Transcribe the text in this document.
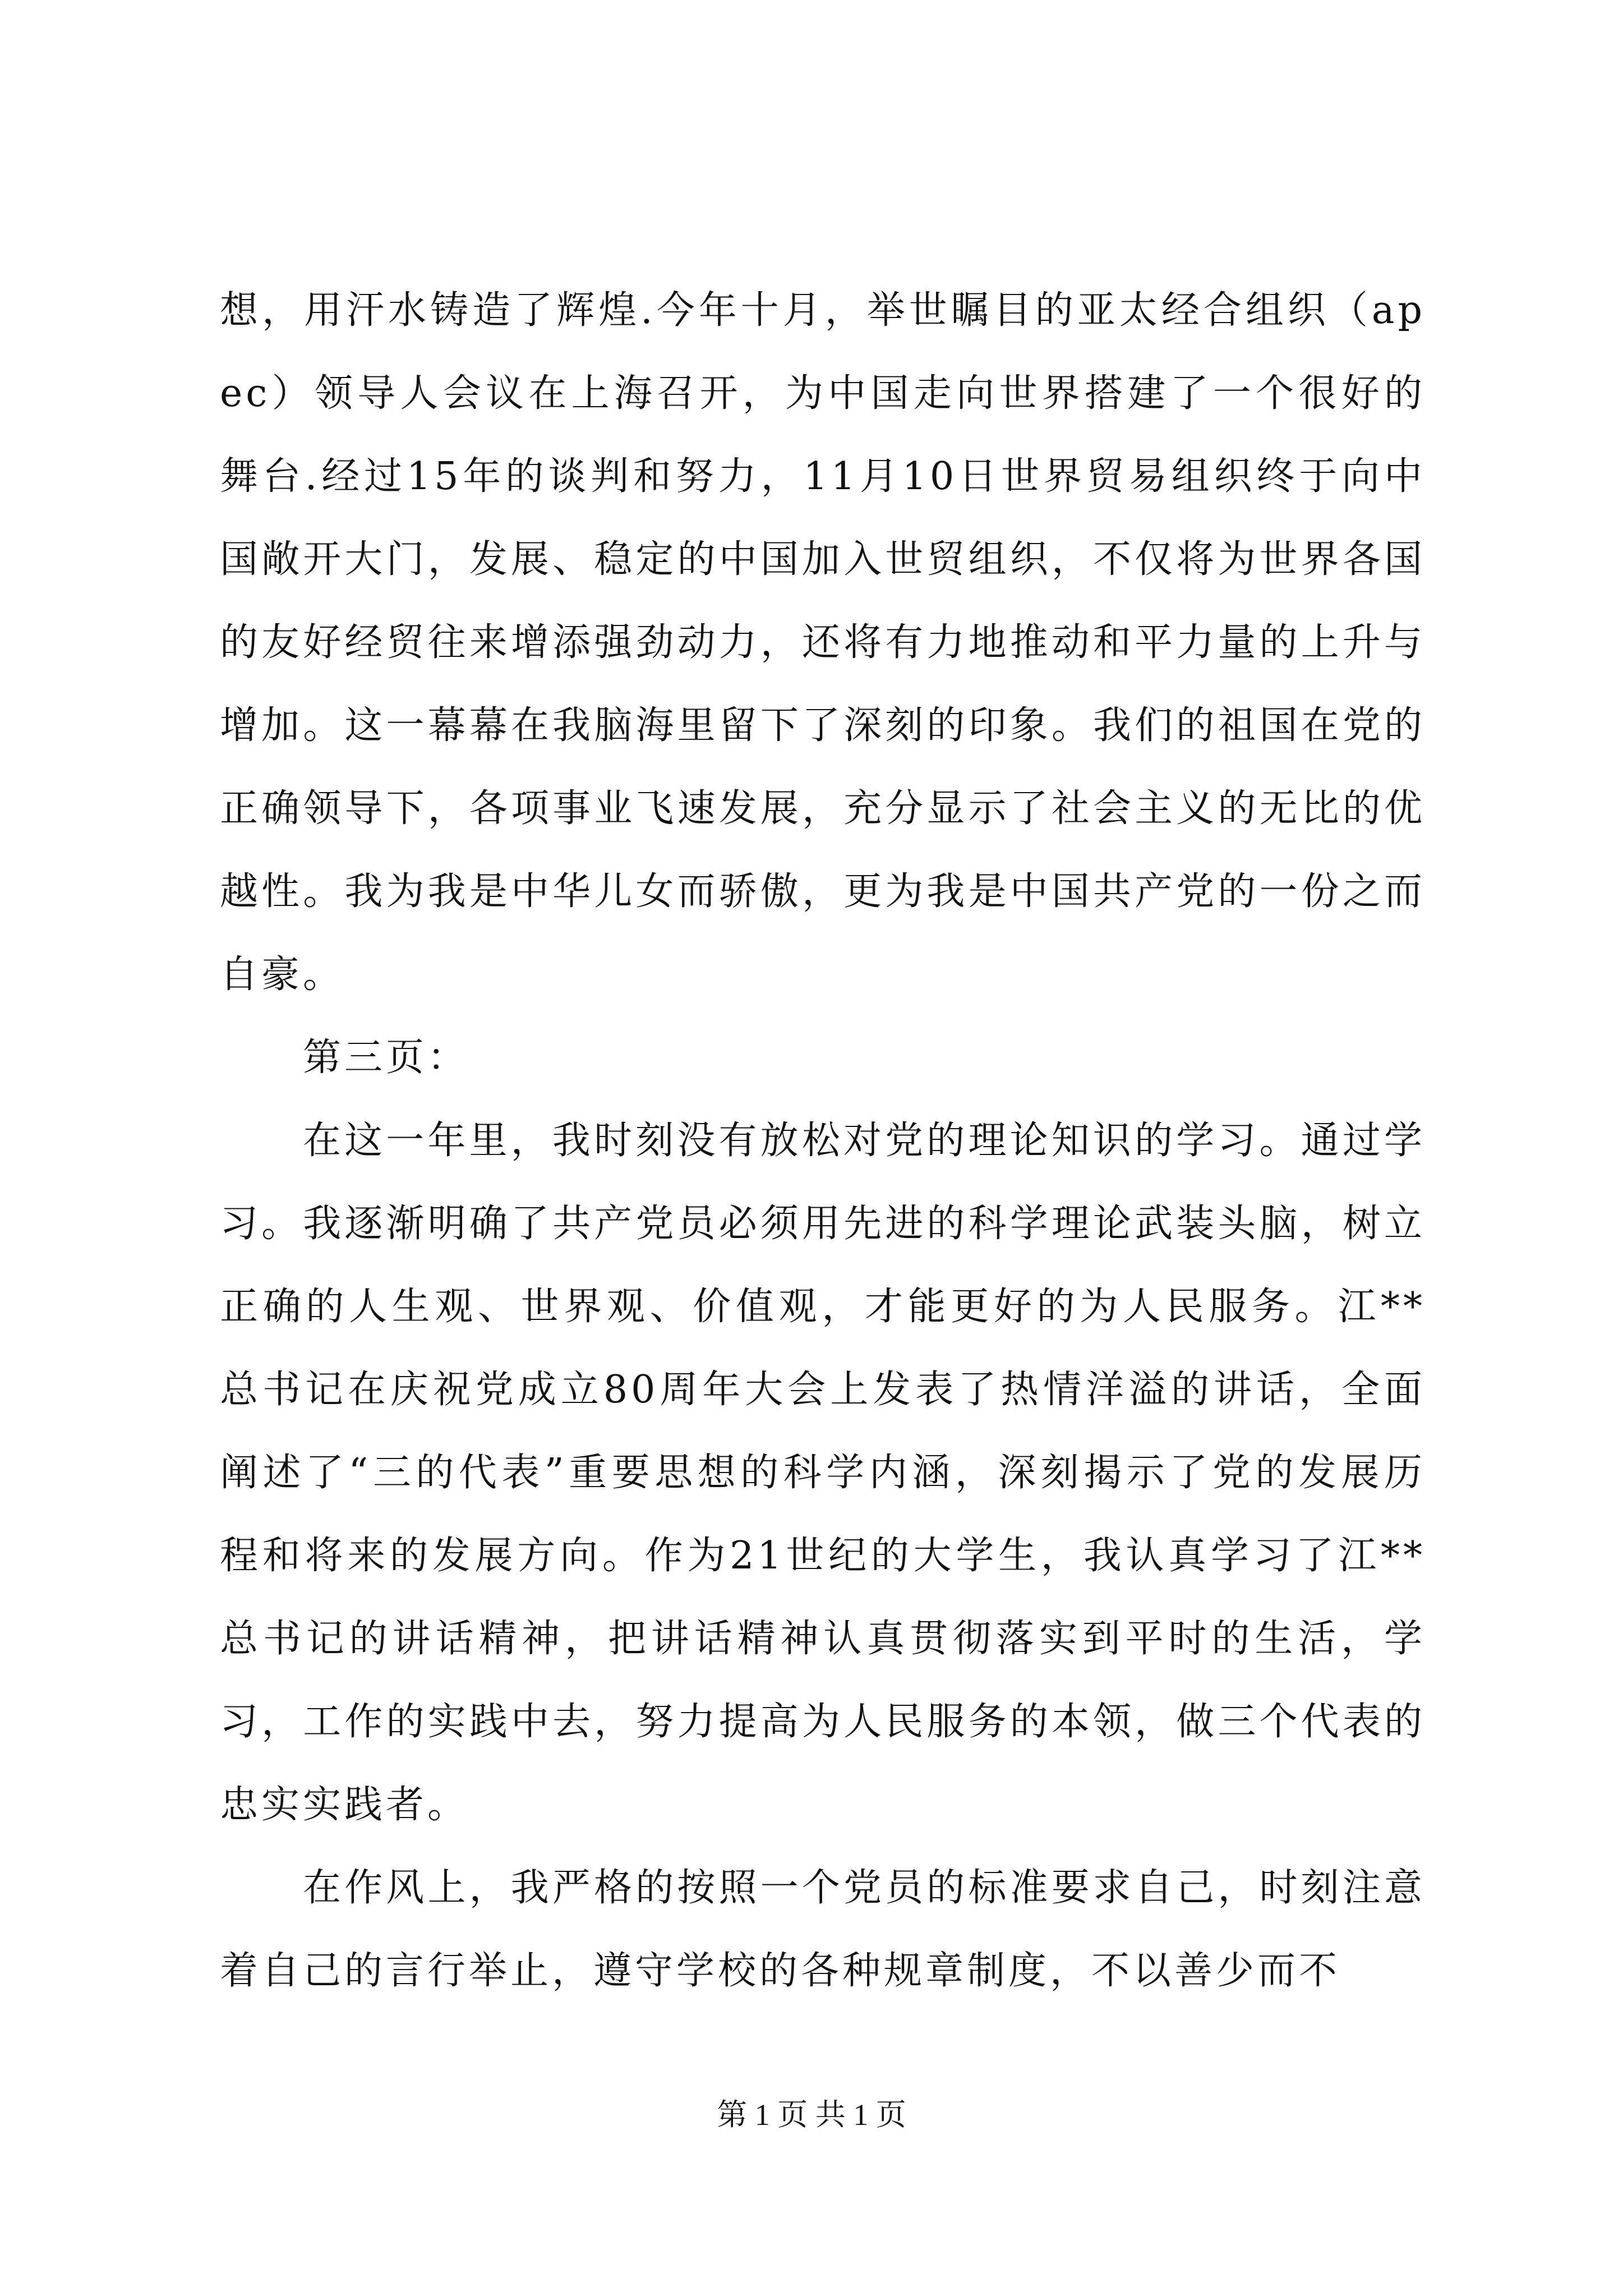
想，用汗水铸造了辉煌.今年十月，举世瞩目的亚太经合组织（apec）领导人会议在上海召开，为中国走向世界搭建了一个很好的舞台.经过15年的谈判和努力，11月10日世界贸易组织终于向中国敞开大门，发展、稳定的中国加入世贸组织，不仅将为世界各国的友好经贸往来增添强劲动力，还将有力地推动和平力量的上升与增加。这一幕幕在我脑海里留下了深刻的印象。我们的祖国在党的正确领导下，各项事业飞速发展，充分显示了社会主义的无比的优越性。我为我是中华儿女而骄傲，更为我是中国共产党的一份之而自豪。

第三页：

在这一年里，我时刻没有放松对党的理论知识的学习。通过学习。我逐渐明确了共产党员必须用先进的科学理论武装头脑，树立正确的人生观、世界观、价值观，才能更好的为人民服务。江**总书记在庆祝党成立80周年大会上发表了热情洋溢的讲话，全面阐述了“三的代表”重要思想的科学内涵，深刻揭示了党的发展历程和将来的发展方向。作为21世纪的大学生，我认真学习了江**总书记的讲话精神，把讲话精神认真贯彻落实到平时的生活，学习，工作的实践中去，努力提高为人民服务的本领，做三个代表的忠实实践者。

在作风上，我严格的按照一个党员的标准要求自己，时刻注意着自己的言行举止，遵守学校的各种规章制度，不以善少而不

第 1 页 共 1 页
